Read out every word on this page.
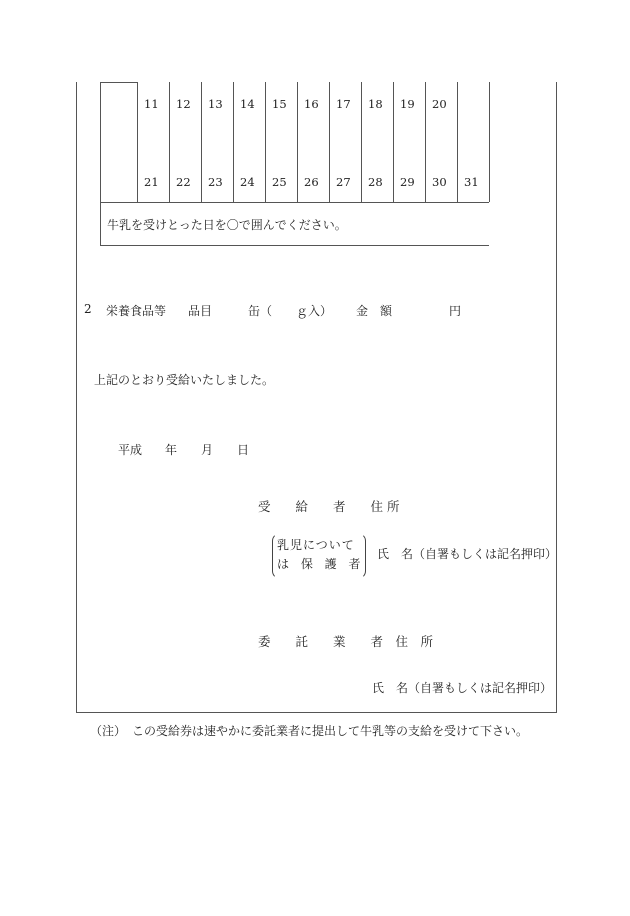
牛乳を受けとった日を〇で囲んでください。
2 栄養食品等 品目	缶（　　ｇ入） 金　額	円
上記のとおり受給いたしました。
平成 年 月 日
受　　給　　者　　住 所
乳児について
は 保 護 者
氏　名（自署もしくは記名押印）
委　　託　　業　　者　住　所
氏　名（自署もしくは記名押印）
（注）　この受給券は速やかに委託業者に提出して牛乳等の支給を受けて下さい。
11 12 13 14 15 16 17 18 19 20
21 22 23 24 25 26 27 28 29 30 31
